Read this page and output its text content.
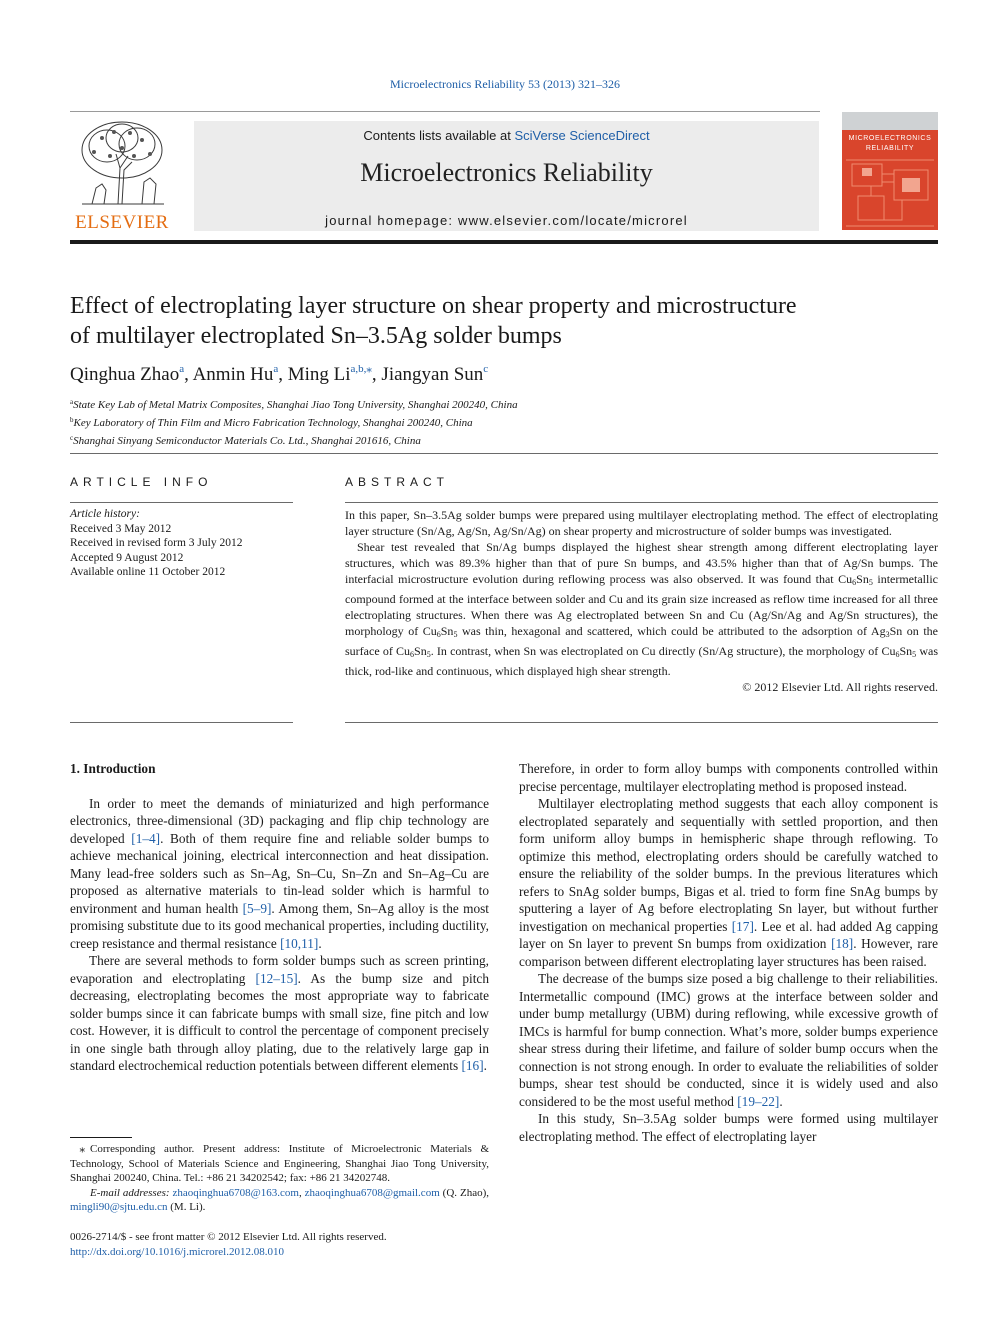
Microelectronics Reliability 53 (2013) 321–326
ELSEVIER
Contents lists available at SciVerse ScienceDirect
Microelectronics Reliability
journal homepage: www.elsevier.com/locate/microrel
MICROELECTRONICS
RELIABILITY
Effect of electroplating layer structure on shear property and microstructure
of multilayer electroplated Sn–3.5Ag solder bumps
Qinghua Zhao$^a$, Anmin Hu$^a$, Ming $Li^{a,b,⁎}$, Jiangyan Sun$^c$
$^a$State Key Lab of Metal Matrix Composites, Shanghai Jiao Tong University, Shanghai 200240, China
$^b$Key Laboratory of Thin Film and Micro Fabrication Technology, Shanghai 200240, China
$^c$Shanghai Sinyang Semiconductor Materials Co. Ltd., Shanghai 201616, China
ARTICLE INFO
Article history:
Received 3 May 2012
Received in revised form 3 July 2012
Accepted 9 August 2012
Available online 11 October 2012
ABSTRACT

In this paper, Sn–3.5Ag solder bumps were prepared using multilayer electroplating method. The effect of electroplating layer structure (Sn/Ag, Ag/Sn, Ag/Sn/Ag) on shear property and microstructure of solder bumps was investigated.

Shear test revealed that Sn/Ag bumps displayed the highest shear strength among different electroplating layer structures, which was 89.3% higher than that of pure Sn bumps, and 43.5% higher than that of Ag/Sn bumps. The interfacial microstructure evolution during reflowing process was also observed. It was found that $Cu_6Sn_5$ intermetallic compound formed at the interface between solder and Cu and its grain size increased as reflow time increased for all three electroplating structures. When there was Ag electroplated between Sn and Cu (Ag/Sn/Ag and Ag/Sn structures), the morphology of $Cu_6Sn_5$ was thin, hexagonal and scattered, which could be attributed to the adsorption of $Ag_3Sn$ on the surface of $Cu_6Sn_5$. In contrast, when Sn was electroplated on Cu directly (Sn/Ag structure), the morphology of $Cu_6Sn_5$ was thick, rod-like and continuous, which displayed high shear strength.

© 2012 Elsevier Ltd. All rights reserved.
1. Introduction

In order to meet the demands of miniaturized and high performance electronics, three-dimensional (3D) packaging and flip chip technology are developed [1–4]. Both of them require fine and reliable solder bumps to achieve mechanical joining, electrical interconnection and heat dissipation. Many lead-free solders such as Sn–Ag, Sn–Cu, Sn–Zn and Sn–Ag–Cu are proposed as alternative materials to tin-lead solder which is harmful to environment and human health [5–9]. Among them, Sn–Ag alloy is the most promising substitute due to its good mechanical properties, including ductility, creep resistance and thermal resistance [10,11].

There are several methods to form solder bumps such as screen printing, evaporation and electroplating [12–15]. As the bump size and pitch decreasing, electroplating becomes the most appropriate way to fabricate solder bumps since it can fabricate bumps with small size, fine pitch and low cost. However, it is difficult to control the percentage of component precisely in one single bath through alloy plating, due to the relatively large gap in standard electrochemical reduction potentials between different elements [16].

Therefore, in order to form alloy bumps with components controlled within precise percentage, multilayer electroplating method is proposed instead.

Multilayer electroplating method suggests that each alloy component is electroplated separately and sequentially with settled proportion, and then form uniform alloy bumps in hemispheric shape through reflowing. To optimize this method, electroplating orders should be carefully watched to ensure the reliability of the solder bumps. In the previous literatures which refers to SnAg solder bumps, Bigas et al. tried to form fine SnAg bumps by sputtering a layer of Ag before electroplating Sn layer, but without further investigation on mechanical properties [17]. Lee et al. had added Ag capping layer on Sn layer to prevent Sn bumps from oxidization [18]. However, rare comparison between different electroplating layer structures has been raised.

The decrease of the bumps size posed a big challenge to their reliabilities. Intermetallic compound (IMC) grows at the interface between solder and under bump metallurgy (UBM) during reflowing, while excessive growth of IMCs is harmful for bump connection. What’s more, solder bumps experience shear stress during their lifetime, and failure of solder bump occurs when the connection is not strong enough. In order to evaluate the reliabilities of solder bumps, shear test should be conducted, since it is widely used and also considered to be the most useful method [19–22].

In this study, Sn–3.5Ag solder bumps were formed using multilayer electroplating method. The effect of electroplating layer

⁎ Corresponding author. Present address: Institute of Microelectronic Materials & Technology, School of Materials Science and Engineering, Shanghai Jiao Tong University, Shanghai 200240, China. Tel.: +86 21 34202542; fax: +86 21 34202748.
E-mail addresses: zhaoqinghua6708@163.com, zhaoqinghua6708@gmail.com (Q. Zhao), mingli90@sjtu.edu.cn (M. Li).
0026-2714/$ - see front matter © 2012 Elsevier Ltd. All rights reserved.
http://dx.doi.org/10.1016/j.microrel.2012.08.010
